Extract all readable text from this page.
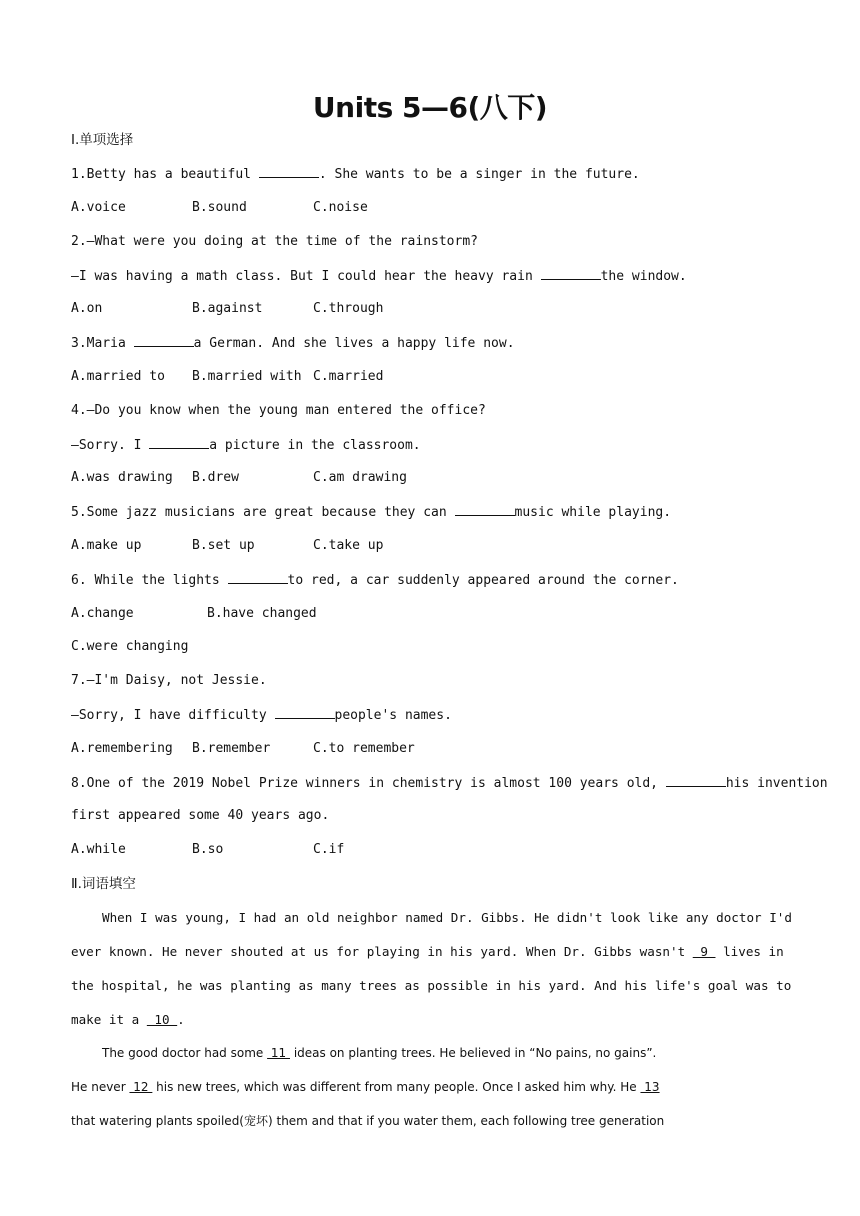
Units 5—6(八下)
Ⅰ.单项选择
1.Betty has a beautiful	. She wants to be a singer in the future.
A.voice	B.sound	C.noise
2.—What were you doing at the time of the rainstorm?
—I was having a math class. But I could hear the heavy rain	the window.
A.on	B.against	C.through
3.Maria	a German. And she lives a happy life now.
A.married to B.married with C.married
4.—Do you know when the young man entered the office?
—Sorry. I	a picture in the classroom.
A.was drawing B.drew	C.am drawing
5.Some jazz musicians are great because they can	music while playing.
A.make up	B.set up	C.take up
6. While the lights	to red, a car suddenly appeared around the corner.
A.change	B.have changed
C.were changing
7.—I'm Daisy, not Jessie.
—Sorry, I have difficulty	people's names.
A.remembering B.remember	C.to remember
8.One of the 2019 Nobel Prize winners in chemistry is almost 100 years old,	his invention
first appeared some 40 years ago.
A.while	B.so	C.if
Ⅱ.词语填空
When I was young, I had an old neighbor named Dr. Gibbs. He didn't look like any doctor I'd
ever known. He never shouted at us for playing in his yard. When Dr. Gibbs wasn't  9  lives in
the hospital, he was planting as many trees as possible in his yard. And his life's goal was to
make it a  10 .
The good doctor had some  11  ideas on planting trees. He believed in “No pains, no gains”.
He never  12  his new trees, which was different from many people. Once I asked him why. He  13
that watering plants spoiled(宠坏) them and that if you water them, each following tree generation
